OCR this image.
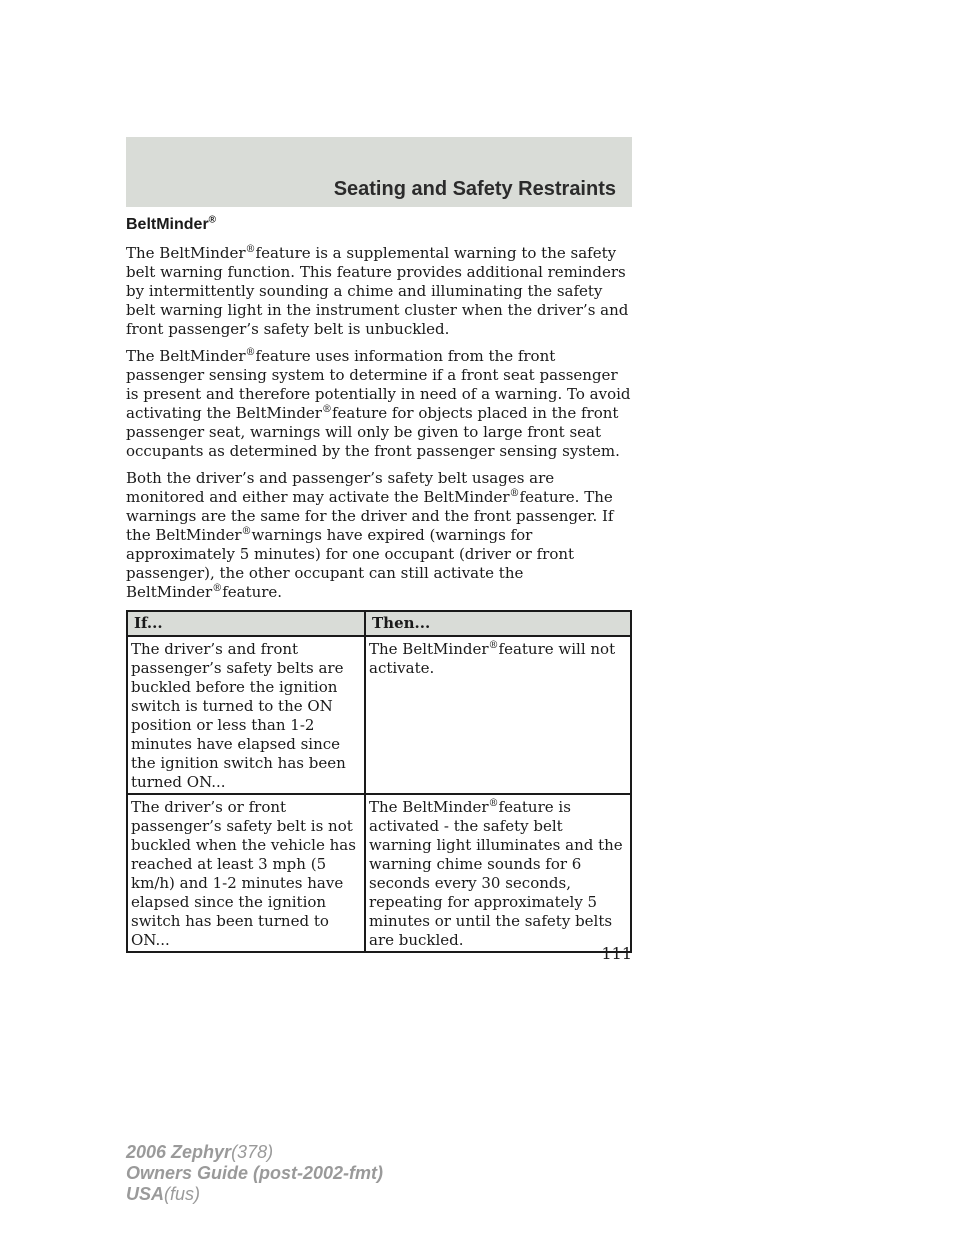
Seating and Safety Restraints
BeltMinder®

The BeltMinder®feature is a supplemental warning to the safety belt warning function. This feature provides additional reminders by intermittently sounding a chime and illuminating the safety belt warning light in the instrument cluster when the driver’s and front passenger’s safety belt is unbuckled.

The BeltMinder®feature uses information from the front passenger sensing system to determine if a front seat passenger is present and therefore potentially in need of a warning. To avoid activating the BeltMinder®feature for objects placed in the front passenger seat, warnings will only be given to large front seat occupants as determined by the front passenger sensing system.

Both the driver’s and passenger’s safety belt usages are monitored and either may activate the BeltMinder®feature. The warnings are the same for the driver and the front passenger. If the BeltMinder®warnings have expired (warnings for approximately 5 minutes) for one occupant (driver or front passenger), the other occupant can still activate the BeltMinder®feature.

If...	Then...
The driver’s and front passenger’s safety belts are buckled before the ignition switch is turned to the ON position or less than 1-2 minutes have elapsed since the ignition switch has been turned ON...	The BeltMinder®feature will not activate.
The driver’s or front passenger’s safety belt is not buckled when the vehicle has reached at least 3 mph (5 km/h) and 1-2 minutes have elapsed since the ignition switch has been turned to ON...	The BeltMinder®feature is activated - the safety belt warning light illuminates and the warning chime sounds for 6 seconds every 30 seconds, repeating for approximately 5 minutes or until the safety belts are buckled.
111
2006 Zephyr(378)
Owners Guide (post-2002-fmt)
USA(fus)
